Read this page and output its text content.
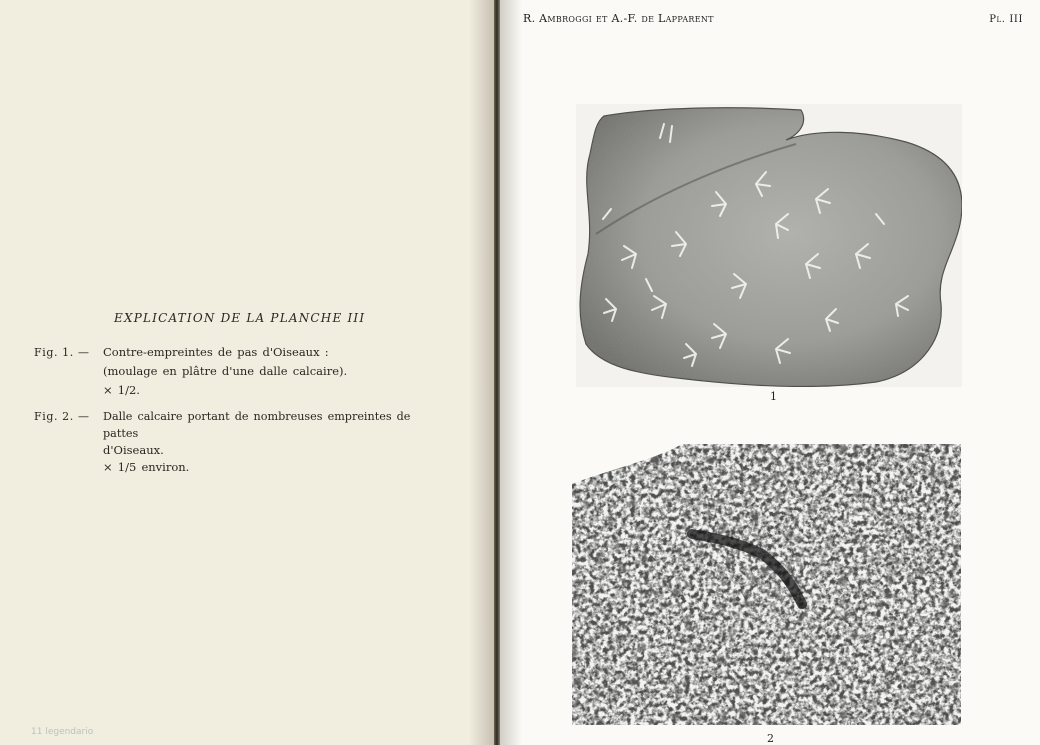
EXPLICATION DE LA PLANCHE III
Fig. 1. — Contre-empreintes de pas d'Oiseaux :
(moulage en plâtre d'une dalle calcaire).
× 1/2.
Fig. 2. — Dalle calcaire portant de nombreuses empreintes de pattes
d'Oiseaux.
× 1/5 environ.
11 legendario
R. Ambroggi et A.-F. de Lapparent	Pl. III
1
2
